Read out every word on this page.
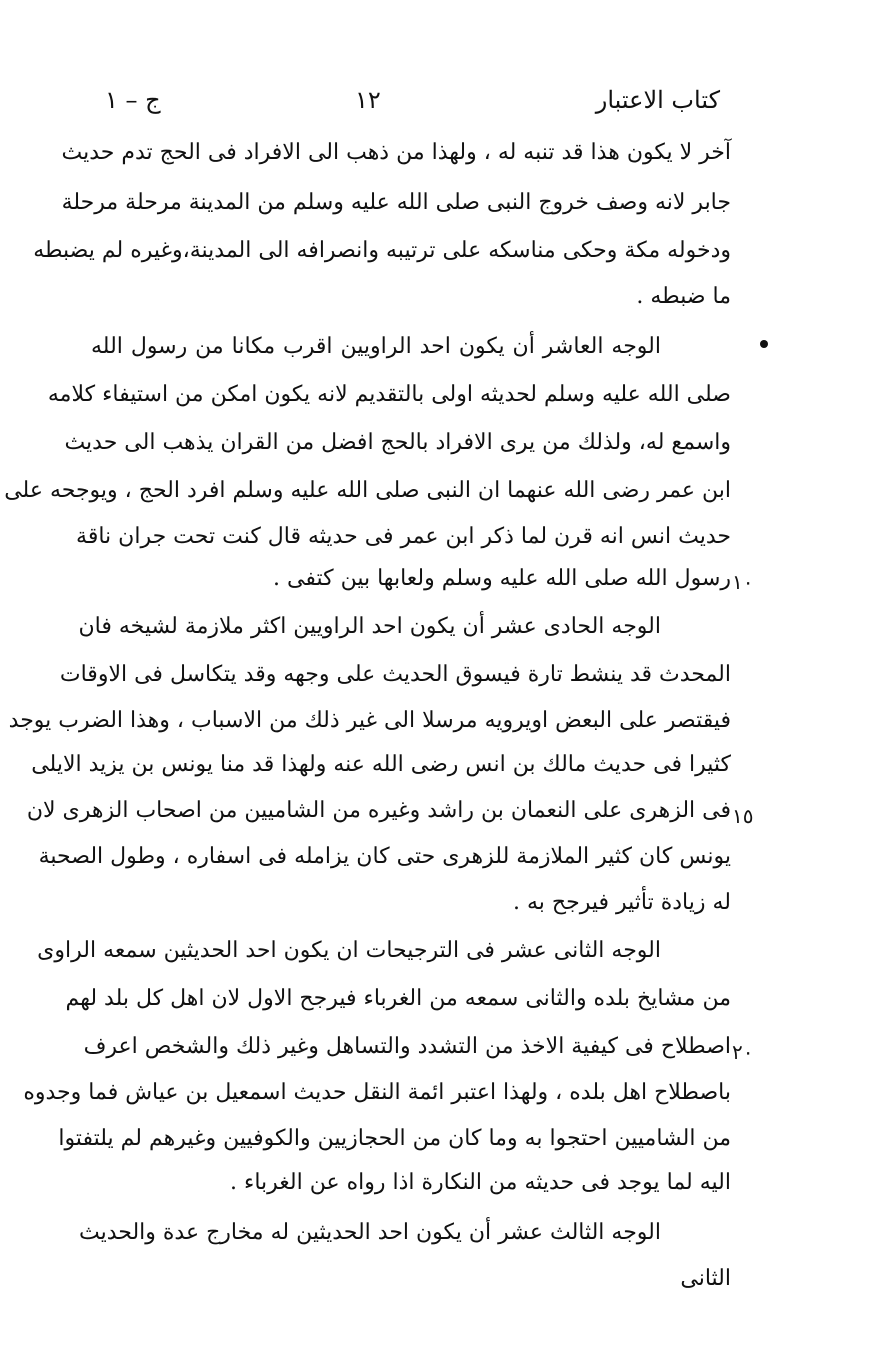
كتاب الاعتبار
١٢
ج – ١
آخر لا يكون هذا قد تنبه له ، ولهذا من ذهب الى الافراد فى الحج تدم حديث
جابر لانه وصف خروج النبى صلى الله عليه وسلم من المدينة مرحلة مرحلة
ودخوله مكة وحكى مناسكه على ترتيبه وانصرافه الى المدينة،وغيره لم يضبطه
ما ضبطه .
الوجه العاشر أن يكون احد الراويين اقرب مكانا من رسول الله
صلى الله عليه وسلم لحديثه اولى بالتقديم لانه يكون امكن من استيفاء كلامه
واسمع له، ولذلك من يرى الافراد بالحج افضل من القران يذهب الى حديث
ابن عمر رضى الله عنهما ان النبى صلى الله عليه وسلم افرد الحج ، ويوجحه على
حديث انس انه قرن لما ذكر ابن عمر فى حديثه قال كنت تحت جران ناقة
رسول الله صلى الله عليه وسلم ولعابها بين كتفى . ١٠
الوجه الحادى عشر أن يكون احد الراويين اكثر ملازمة لشيخه فان
المحدث قد ينشط تارة فيسوق الحديث على وجهه وقد يتكاسل فى الاوقات
فيقتصر على البعض اويرويه مرسلا الى غير ذلك من الاسباب ، وهذا الضرب يوجد
كثيرا فى حديث مالك بن انس رضى الله عنه ولهذا قد منا يونس بن يزيد الايلى
فى الزهرى على النعمان بن راشد وغيره من الشاميين من اصحاب الزهرى لان ١٥
يونس كان كثير الملازمة للزهرى حتى كان يزامله فى اسفاره ، وطول الصحبة
له زيادة تأثير فيرجح به .
الوجه الثانى عشر فى الترجيحات ان يكون احد الحديثين سمعه الراوى
من مشايخ بلده والثانى سمعه من الغرباء فيرجح الاول لان اهل كل بلد لهم
اصطلاح فى كيفية الاخذ من التشدد والتساهل وغير ذلك والشخص اعرف ٢٠
باصطلاح اهل بلده ، ولهذا اعتبر ائمة النقل حديث اسمعيل بن عياش فما وجدوه
من الشاميين احتجوا به وما كان من الحجازيين والكوفيين وغيرهم لم يلتفتوا
اليه لما يوجد فى حديثه من النكارة اذا رواه عن الغرباء .
الوجه الثالث عشر أن يكون احد الحديثين له مخارج عدة والحديث
الثانى
